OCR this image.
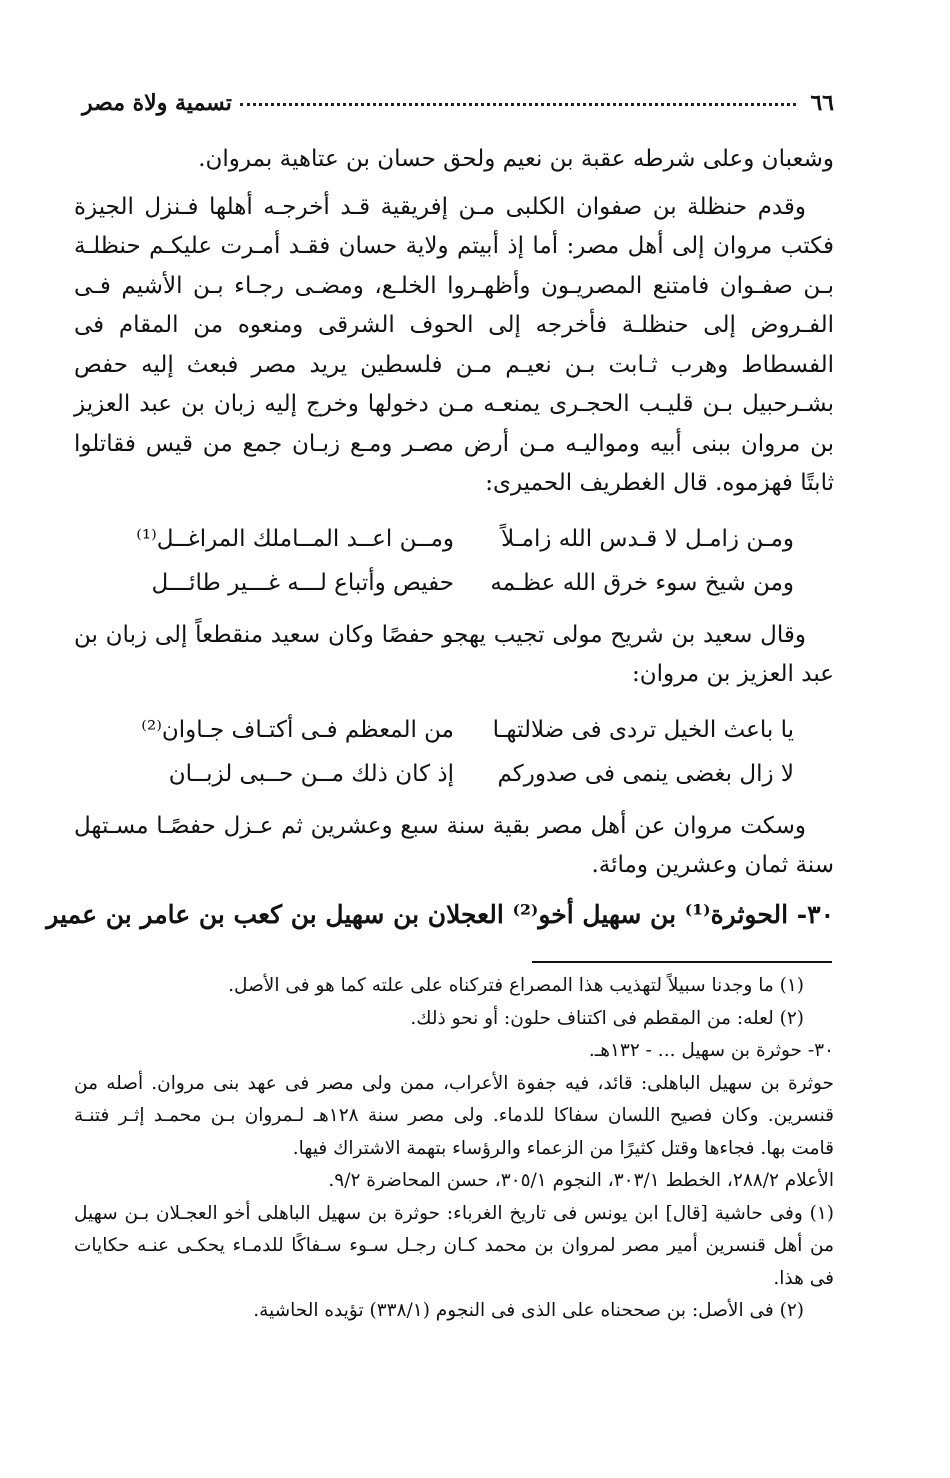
٦٦
تسمية ولاة مصر

وشعبان وعلى شرطه عقبة بن نعيم ولحق حسان بن عتاهية بمروان.

وقدم حنظلة بن صفوان الكلبى مـن إفريقية قـد أخرجـه أهلها فـنزل الجيزة فكتب مروان إلى أهل مصر: أما إذ أبيتم ولاية حسان فقـد أمـرت عليكـم حنظلـة بـن صفـوان فامتنع المصريـون وأظهـروا الخلـع، ومضـى رجـاء بـن الأشيم فـى الفـروض إلى حنظلـة فأخرجه إلى الحوف الشرقى ومنعوه من المقام فى الفسطاط وهرب ثـابت بـن نعيـم مـن فلسطين يريد مصر فبعث إليه حفص بشـرحبيل بـن قليـب الحجـرى يمنعـه مـن دخولها وخرج إليه زبان بن عبد العزيز بن مروان ببنى أبيه ومواليـه مـن أرض مصـر ومـع زبـان جمع من قيس فقاتلوا ثابتًا فهزموه. قال الغطريف الحميرى:

ومـن زامـل لا قـدس الله زامـلاً
ومــن اعــد المــاملك المراغــل⁽¹⁾
ومن شيخ سوء خرق الله عظـمه
حفيص وأتباع لـــه غـــير طائـــل

وقال سعيد بن شريح مولى تجيب يهجو حفصًا وكان سعيد منقطعاً إلى زبان بن عبد العزيز بن مروان:

يا باعث الخيل تردى فى ضلالتهـا
من المعظم فـى أكتـاف جـاوان⁽²⁾
لا زال بغضى ينمى فى صدوركم
إذ كان ذلك مــن حــبى لزبــان

وسكت مروان عن أهل مصر بقية سنة سبع وعشرين ثم عـزل حفصًـا مسـتهل سنة ثمان وعشرين ومائة.

٣٠- الحوثرة⁽¹⁾ بن سهيل أخو⁽²⁾ العجلان بن سهيل بن كعب بن عامر بن عمير

(١) ما وجدنا سبيلاً لتهذيب هذا المصراع فتركناه على علته كما هو فى الأصل.

(٢) لعله: من المقطم فى اكتناف حلون: أو نحو ذلك.

٣٠- حوثرة بن سهيل ... - ١٣٢هـ.

حوثرة بن سهيل الباهلى: قائد، فيه جفوة الأعراب، ممن ولى مصر فى عهد بنى مروان. أصله من قنسرين. وكان فصيح اللسان سفاكا للدماء. ولى مصر سنة ١٢٨هـ لـمروان بـن محمـد إثـر فتنـة قامت بها. فجاءها وقتل كثيرًا من الزعماء والرؤساء بتهمة الاشتراك فيها.

الأعلام ٢٨٨/٢، الخطط ٣٠٣/١، النجوم ٣٠٥/١، حسن المحاضرة ٩/٢.

(١) وفى حاشية [قال] ابن يونس فى تاريخ الغرباء: حوثرة بن سهيل الباهلى أخو العجـلان بـن سهيل من أهل قنسرين أمير مصر لمروان بن محمد كـان رجـل سـوء سـفاكًا للدمـاء يحكـى عنـه حكايات فى هذا.

(٢) فى الأصل: بن صححناه على الذى فى النجوم (٣٣٨/١) تؤيده الحاشية.
